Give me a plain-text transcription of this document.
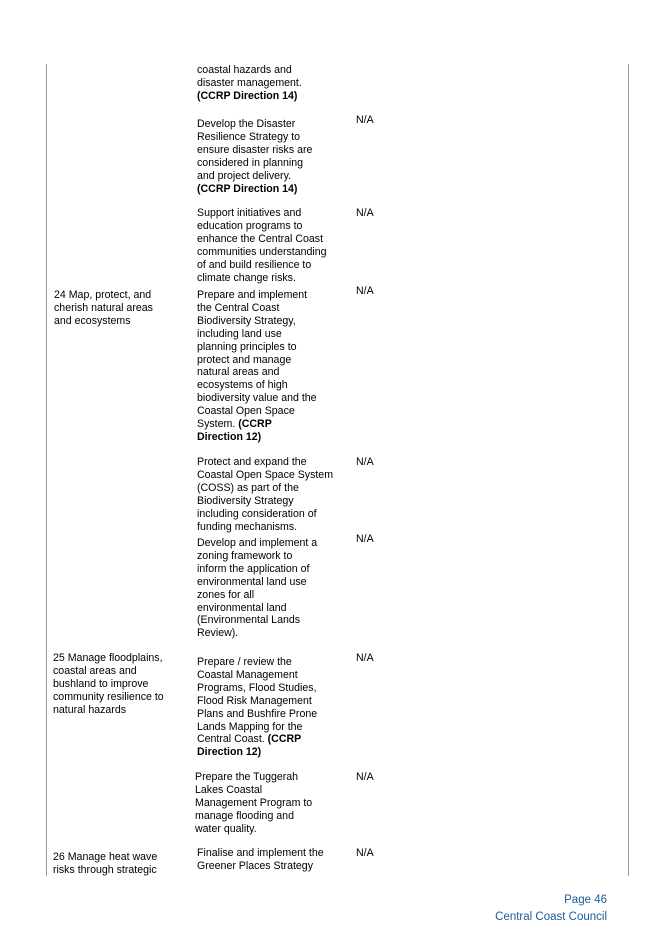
coastal hazards and
disaster management.
(CCRP Direction 14)
Develop the Disaster
Resilience Strategy to
ensure disaster risks are
considered in planning
and project delivery.
(CCRP Direction 14)
N/A
Support initiatives and
education programs to
enhance the Central Coast
communities understanding
of and build resilience to
climate change risks.
N/A
24 Map, protect, and
cherish natural areas
and ecosystems
Prepare and implement
the Central Coast
Biodiversity Strategy,
including land use
planning principles to
protect and manage
natural areas and
ecosystems of high
biodiversity value and the
Coastal Open Space
System. (CCRP
Direction 12)
N/A
Protect and expand the
Coastal Open Space System
(COSS) as part of the
Biodiversity Strategy
including consideration of
funding mechanisms.
N/A
Develop and implement a
zoning framework to
inform the application of
environmental land use
zones for all
environmental land
(Environmental Lands
Review).
N/A
25 Manage floodplains,
coastal areas and
bushland to improve
community resilience to
natural hazards
Prepare / review the
Coastal Management
Programs, Flood Studies,
Flood Risk Management
Plans and Bushfire Prone
Lands Mapping for the
Central Coast. (CCRP
Direction 12)
N/A
Prepare the Tuggerah
Lakes Coastal
Management Program to
manage flooding and
water quality.
N/A
26 Manage heat wave
risks through strategic
Finalise and implement the
Greener Places Strategy
N/A
Page 46
Central Coast Council
